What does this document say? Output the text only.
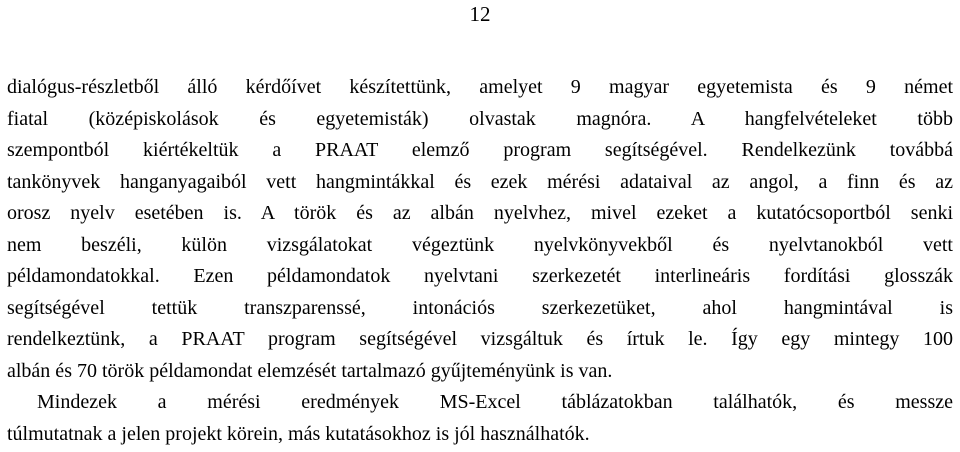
12
dialógus-részletből álló kérdőívet készítettünk, amelyet 9 magyar egyetemista és 9 német
fiatal (középiskolások és egyetemisták) olvastak magnóra. A hangfelvételeket több
szempontból kiértékeltük a PRAAT elemző program segítségével. Rendelkezünk továbbá
tankönyvek hanganyagaiból vett hangmintákkal és ezek mérési adataival az angol, a finn és az
orosz nyelv esetében is. A török és az albán nyelvhez, mivel ezeket a kutatócsoportból senki
nem beszéli, külön vizsgálatokat végeztünk nyelvkönyvekből és nyelvtanokból vett
példamondatokkal. Ezen példamondatok nyelvtani szerkezetét interlineáris fordítási glosszák
segítségével tettük transzparenssé, intonációs szerkezetüket, ahol hangmintával is
rendelkeztünk, a PRAAT program segítségével vizsgáltuk és írtuk le. Így egy mintegy 100
albán és 70 török példamondat elemzését tartalmazó gyűjteményünk is van.
Mindezek a mérési eredmények MS-Excel táblázatokban találhatók, és messze
túlmutatnak a jelen projekt körein, más kutatásokhoz is jól használhatók.
